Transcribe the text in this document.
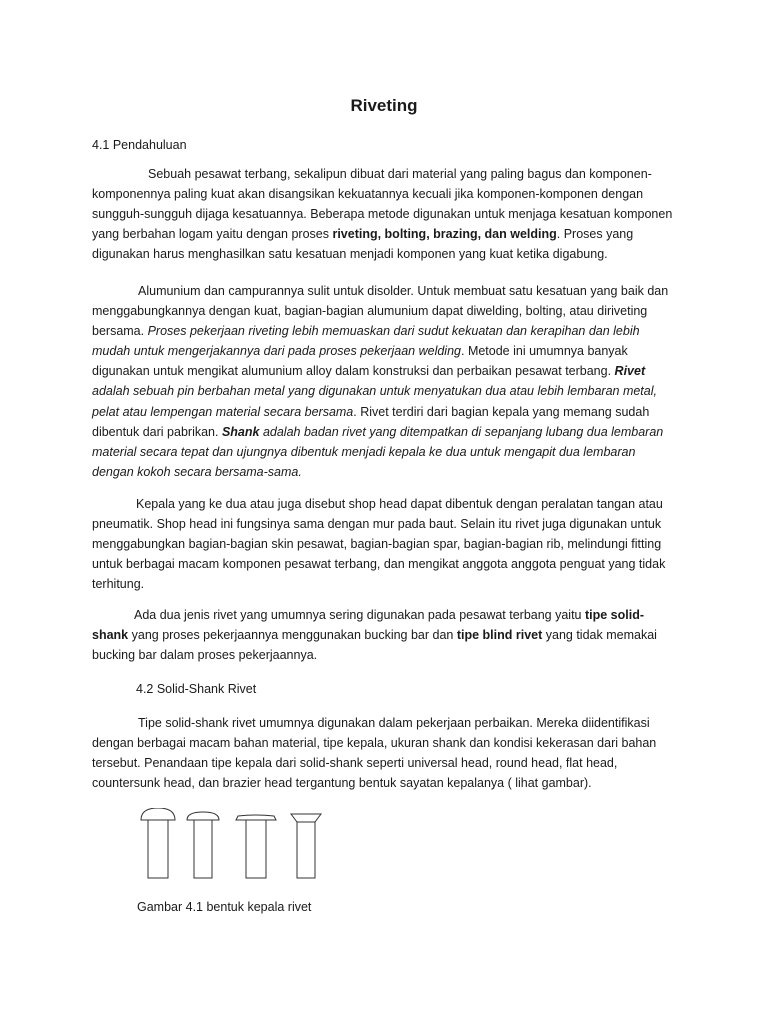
Riveting
4.1 Pendahuluan

Sebuah pesawat terbang, sekalipun dibuat dari material yang paling bagus dan komponen-komponennya paling kuat akan disangsikan kekuatannya kecuali jika komponen-komponen dengan sungguh-sungguh dijaga kesatuannya. Beberapa metode digunakan untuk menjaga kesatuan komponen yang berbahan logam yaitu dengan proses riveting, bolting, brazing, dan welding. Proses yang digunakan harus menghasilkan satu kesatuan menjadi komponen yang kuat ketika digabung.

Alumunium dan campurannya sulit untuk disolder. Untuk membuat satu kesatuan yang baik dan menggabungkannya dengan kuat, bagian-bagian alumunium dapat diwelding, bolting, atau diriveting bersama. Proses pekerjaan riveting lebih memuaskan dari sudut kekuatan dan kerapihan dan lebih mudah untuk mengerjakannya dari pada proses pekerjaan welding. Metode ini umumnya banyak digunakan untuk mengikat alumunium alloy dalam konstruksi dan perbaikan pesawat terbang. Rivet adalah sebuah pin berbahan metal yang digunakan untuk menyatukan dua atau lebih lembaran metal, pelat atau lempengan material secara bersama. Rivet terdiri dari bagian kepala yang memang sudah dibentuk dari pabrikan. Shank adalah badan rivet yang ditempatkan di sepanjang lubang dua lembaran material secara tepat dan ujungnya dibentuk menjadi kepala ke dua untuk mengapit dua lembaran dengan kokoh secara bersama-sama.

Kepala yang ke dua atau juga disebut shop head dapat dibentuk dengan peralatan tangan atau pneumatik. Shop head ini fungsinya sama dengan mur pada baut. Selain itu rivet juga digunakan untuk menggabungkan bagian-bagian skin pesawat, bagian-bagian spar, bagian-bagian rib, melindungi fitting untuk berbagai macam komponen pesawat terbang, dan mengikat anggota anggota penguat yang tidak terhitung.

Ada dua jenis rivet yang umumnya sering digunakan pada pesawat terbang yaitu tipe solid-shank yang proses pekerjaannya menggunakan bucking bar dan tipe blind rivet yang tidak memakai bucking bar dalam proses pekerjaannya.

4.2 Solid-Shank Rivet

Tipe solid-shank rivet umumnya digunakan dalam pekerjaan perbaikan. Mereka diidentifikasi dengan berbagai macam bahan material, tipe kepala, ukuran shank dan kondisi kekerasan dari bahan tersebut. Penandaan tipe kepala dari solid-shank seperti universal head, round head, flat head, countersunk head, dan brazier head tergantung bentuk sayatan kepalanya ( lihat gambar).

Gambar 4.1 bentuk kepala rivet
